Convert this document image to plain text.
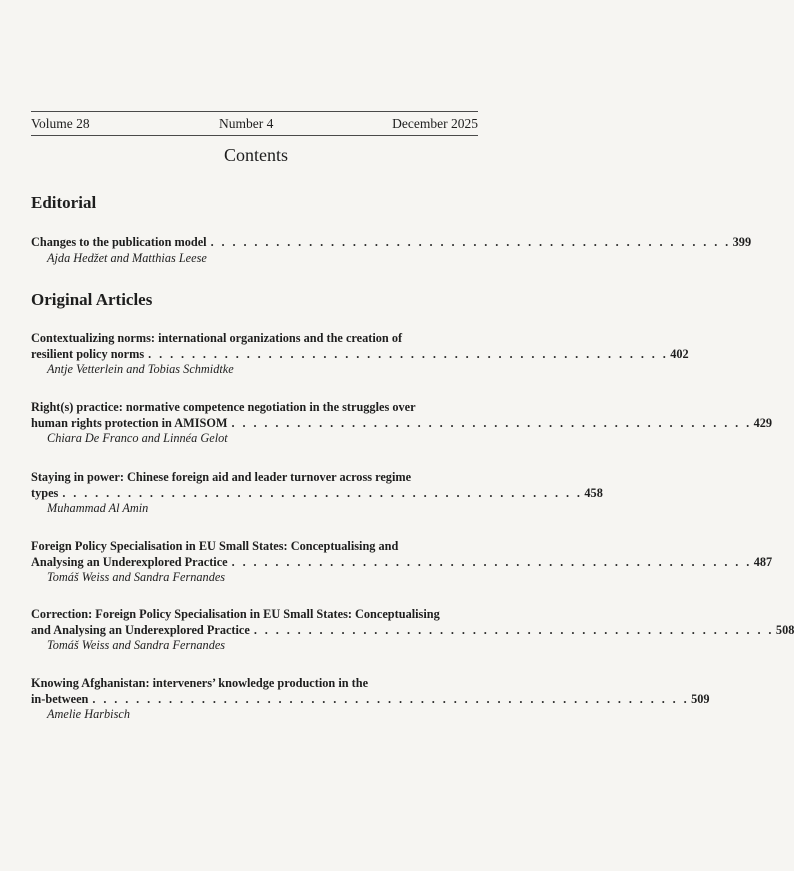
Volume 28	Number 4	December 2025
Contents
Editorial
Changes to the publication model . . . . . . . . . . . . . . . . . . . . . . . . . . . . . . . . . . . . . . . . . . . . . . . . 399
Ajda Hedžet and Matthias Leese
Original Articles
Contextualizing norms: international organizations and the creation of
resilient policy norms . . . . . . . . . . . . . . . . . . . . . . . . . . . . . . . . . . . . . . . . . . . . . . . . 402
Antje Vetterlein and Tobias Schmidtke
Right(s) practice: normative competence negotiation in the struggles over
human rights protection in AMISOM . . . . . . . . . . . . . . . . . . . . . . . . . . . . . . . . . . . . . . . . . . . . . . . . 429
Chiara De Franco and Linnéa Gelot
Staying in power: Chinese foreign aid and leader turnover across regime
types . . . . . . . . . . . . . . . . . . . . . . . . . . . . . . . . . . . . . . . . . . . . . . . . 458
Muhammad Al Amin
Foreign Policy Specialisation in EU Small States: Conceptualising and
Analysing an Underexplored Practice . . . . . . . . . . . . . . . . . . . . . . . . . . . . . . . . . . . . . . . . . . . . . . . . 487
Tomáš Weiss and Sandra Fernandes
Correction: Foreign Policy Specialisation in EU Small States: Conceptualising
and Analysing an Underexplored Practice . . . . . . . . . . . . . . . . . . . . . . . . . . . . . . . . . . . . . . . . . . . . . . . . 508
Tomáš Weiss and Sandra Fernandes
Knowing Afghanistan: interveners’ knowledge production in the
in-between . . . . . . . . . . . . . . . . . . . . . . . . . . . . . . . . . . . . . . . . . . . . . . . . . . . . . . . 509
Amelie Harbisch
